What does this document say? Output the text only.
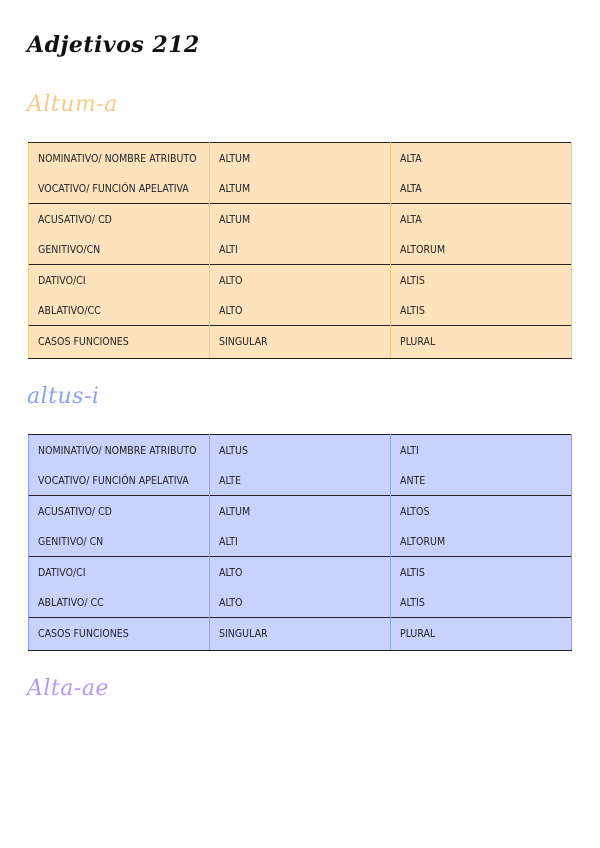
Adjetivos 212
Altum-a
NOMINATIVO/ NOMBRE ATRIBUTO	ALTUM	ALTA
VOCATIVO/ FUNCIÓN APELATIVA	ALTUM	ALTA
ACUSATIVO/ CD	ALTUM	ALTA
GENITIVO/CN	ALTI	ALTORUM
DATIVO/CI	ALTO	ALTIS
ABLATIVO/CC	ALTO	ALTIS
CASOS FUNCIONES	SINGULAR	PLURAL
altus-i
NOMINATIVO/ NOMBRE ATRIBUTO	ALTUS	ALTI
VOCATIVO/ FUNCIÓN APELATIVA	ALTE	ANTE
ACUSATIVO/ CD	ALTUM	ALTOS
GENITIVO/ CN	ALTI	ALTORUM
DATIVO/CI	ALTO	ALTIS
ABLATIVO/ CC	ALTO	ALTIS
CASOS FUNCIONES	SINGULAR	PLURAL
Alta-ae
